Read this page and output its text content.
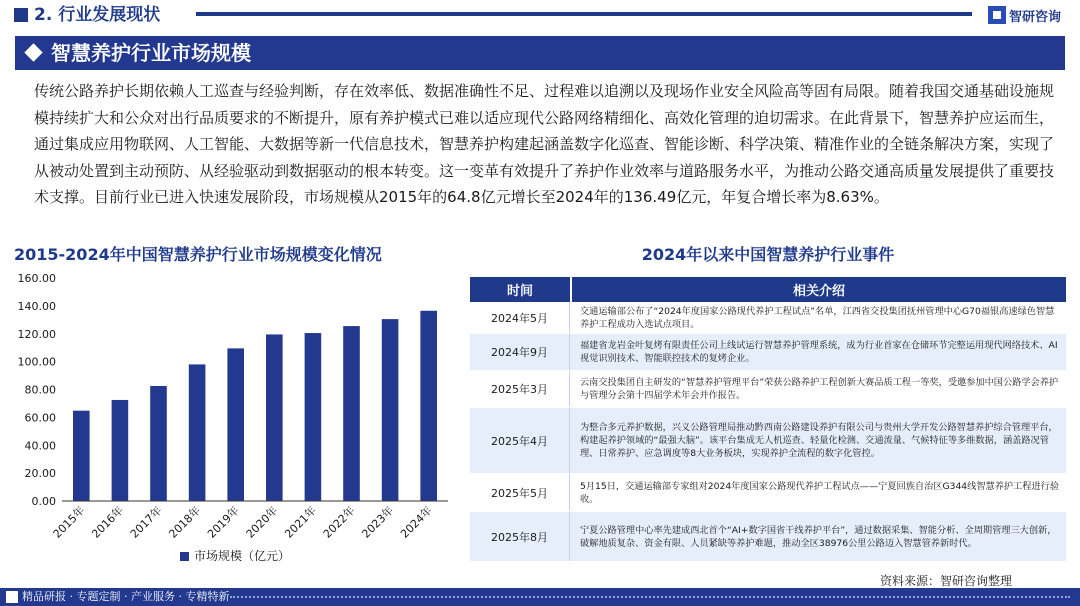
2. 行业发展现状	智研咨询
智慧养护行业市场规模

传统公路养护长期依赖人工巡查与经验判断，存在效率低、数据准确性不足、过程难以追溯以及现场作业安全风险高等固有局限。随着我国交通基础设施规模持续扩大和公众对出行品质要求的不断提升，原有养护模式已难以适应现代公路网络精细化、高效化管理的迫切需求。在此背景下，智慧养护应运而生，通过集成应用物联网、人工智能、大数据等新一代信息技术，智慧养护构建起涵盖数字化巡查、智能诊断、科学决策、精准作业的全链条解决方案，实现了从被动处置到主动预防、从经验驱动到数据驱动的根本转变。这一变革有效提升了养护作业效率与道路服务水平，为推动公路交通高质量发展提供了重要技术支撑。目前行业已进入快速发展阶段，市场规模从2015年的64.8亿元增长至2024年的136.49亿元，年复合增长率为8.63%。

2015-2024年中国智慧养护行业市场规模变化情况
0.00
20.00
40.00
60.00
80.00
100.00
120.00
140.00
160.00
2015年 2016年 2017年 2018年 2019年 2020年 2021年 2022年 2023年 2024年
市场规模（亿元）
2024年以来中国智慧养护行业事件
时间	相关介绍
2024年5月
交通运输部公布了“2024年度国家公路现代养护工程试点”名单，江西省交投集团抚州管理中心G70福银高速绿色智慧养护工程成功入选试点项目。
2024年9月
福建省龙岩金叶复烤有限责任公司上线试运行智慧养护管理系统，成为行业首家在仓储环节完整运用现代网络技术、AI视觉识别技术、智能联控技术的复烤企业。
2025年3月
云南交投集团自主研发的“智慧养护管理平台”荣获公路养护工程创新大赛品质工程一等奖，受邀参加中国公路学会养护与管理分会第十四届学术年会并作报告。
2025年4月
为整合多元养护数据，兴义公路管理局推动黔西南公路建设养护有限公司与贵州大学开发公路智慧养护综合管理平台，构建起养护领域的“最强大脑”。该平台集成无人机巡查、轻量化检测、交通流量、气候特征等多维数据，涵盖路况管理、日常养护、应急调度等8大业务板块，实现养护全流程的数字化管控。
2025年5月
5月15日，交通运输部专家组对2024年度国家公路现代养护工程试点——宁夏回族自治区G344线智慧养护工程进行验收。
2025年8月
宁夏公路管理中心率先建成西北首个“AI+数字国省干线养护平台”，通过数据采集、智能分析、全周期管理三大创新，破解地质复杂、资金有限、人员紧缺等养护难题，推动全区38976公里公路迈入智慧管养新时代。
资料来源：智研咨询整理
精品研报 · 专题定制 · 产业服务 · 专精特新
